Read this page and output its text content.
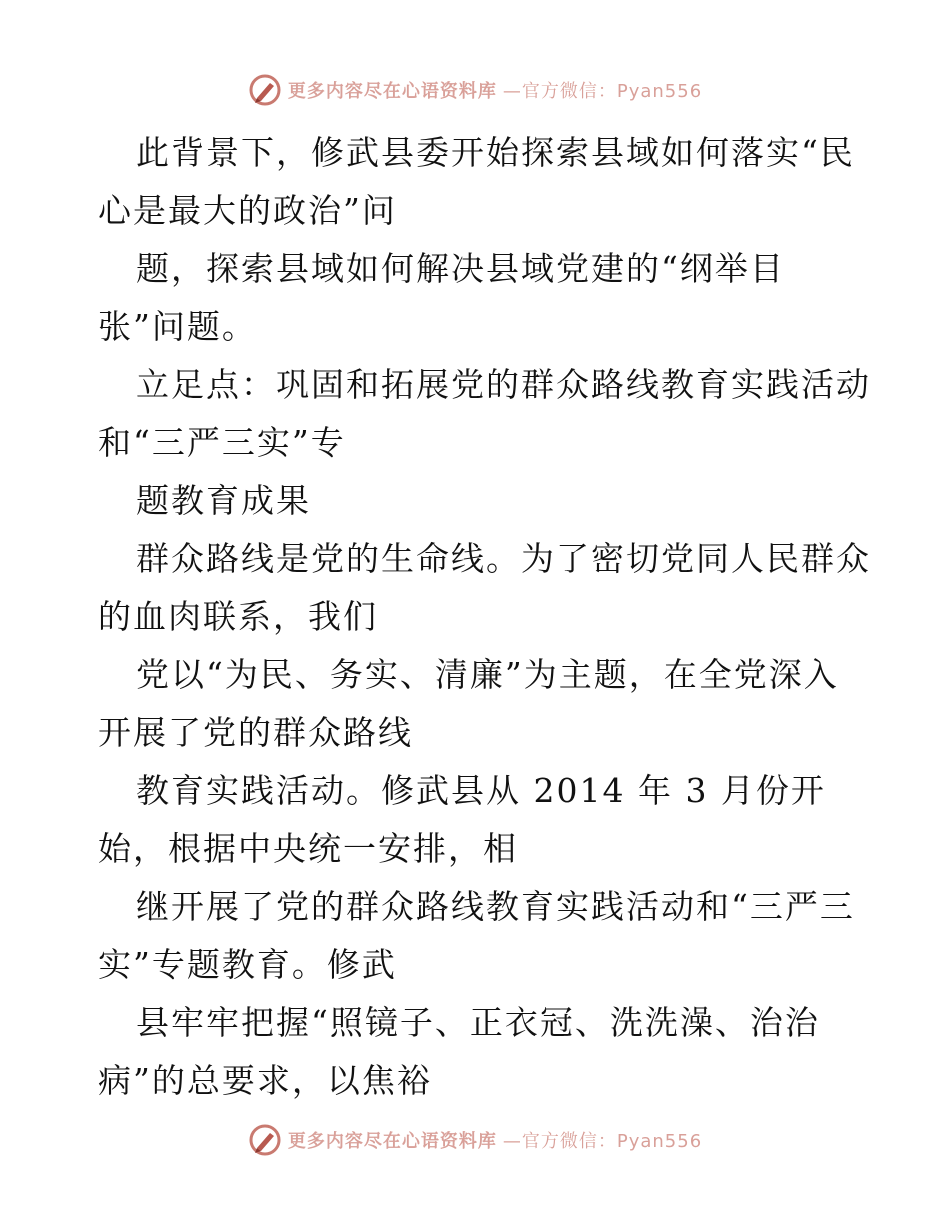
更多内容尽在心语资料库 —官方微信：Pyan556
此背景下，修武县委开始探索县域如何落实“民
心是最大的政治”问
题，探索县域如何解决县域党建的“纲举目
张”问题。
立足点：巩固和拓展党的群众路线教育实践活动
和“三严三实”专
题教育成果
群众路线是党的生命线。为了密切党同人民群众
的血肉联系，我们
党以“为民、务实、清廉”为主题，在全党深入
开展了党的群众路线
教育实践活动。修武县从 2014 年 3 月份开
始，根据中央统一安排，相
继开展了党的群众路线教育实践活动和“三严三
实”专题教育。修武
县牢牢把握“照镜子、正衣冠、洗洗澡、治治
病”的总要求，以焦裕
更多内容尽在心语资料库 —官方微信：Pyan556
